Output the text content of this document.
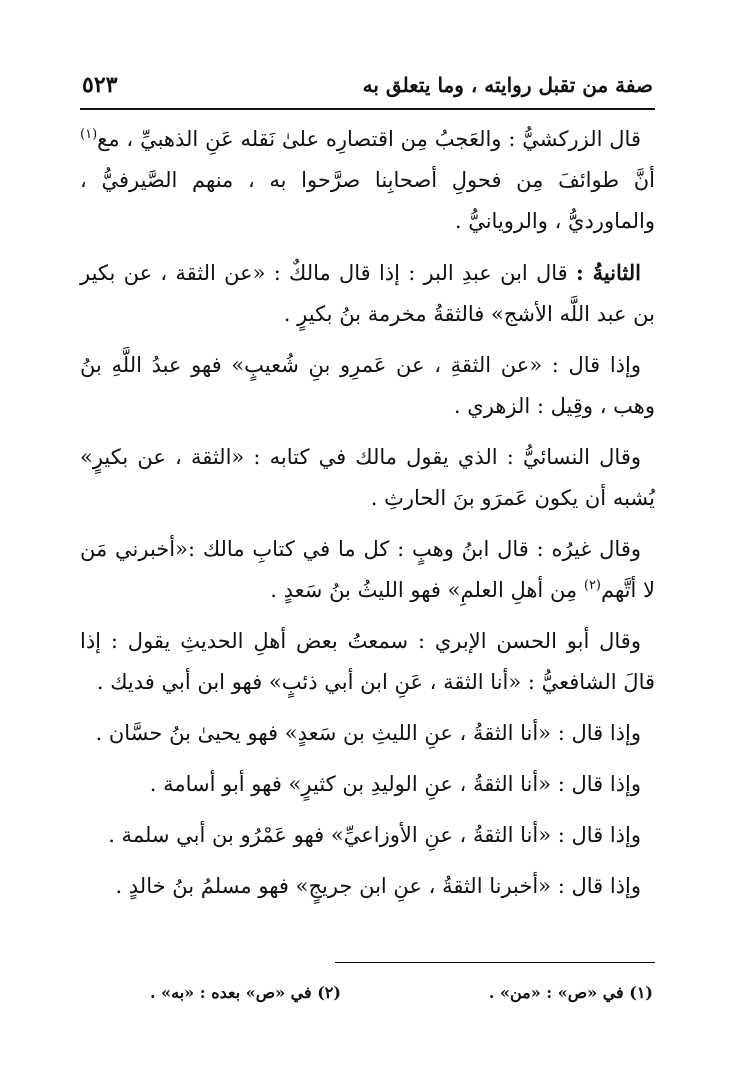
صفة من تقبل روايته ، وما يتعلق به
٥٢٣

قال الزركشيُّ : والعَجبُ مِن اقتصارِه علىٰ نَقله عَنِ الذهبيِّ ، مع$^{(١)}$ أنَّ طوائفَ مِن فحولِ أصحابِنا صرَّحوا به ، منهم الصَّيرفيُّ ، والماورديُّ ، والرويانيُّ .

الثانيةُ : قال ابن عبدِ البر : إذا قال مالكٌ : «عن الثقة ، عن بكير بن عبد اللَّه الأشج» فالثقةُ مخرمة بنُ بكيرٍ .

وإذا قال : «عن الثقةِ ، عن عَمرِو بنِ شُعيبٍ» فهو عبدُ اللَّهِ بنُ وهب ، وقِيل : الزهري .

وقال النسائيُّ : الذي يقول مالك في كتابه : «الثقة ، عن بكيرٍ» يُشبه أن يكون عَمرَو بنَ الحارثِ .

وقال غيرُه : قال ابنُ وهبٍ : كل ما في كتابِ مالك :«أخبرني مَن لا أتَّهم$^{(٢)}$ مِن أهلِ العلمِ» فهو الليثُ بنُ سَعدٍ .

وقال أبو الحسن الإبري : سمعتُ بعض أهلِ الحديثِ يقول : إذا قالَ الشافعيُّ : «أنا الثقة ، عَنِ ابن أبي ذئبٍ» فهو ابن أبي فديك .

وإذا قال : «أنا الثقةُ ، عنِ الليثِ بن سَعدٍ» فهو يحيىٰ بنُ حسَّان .

وإذا قال : «أنا الثقةُ ، عنِ الوليدِ بن كثيرٍ» فهو أبو أسامة .

وإذا قال : «أنا الثقةُ ، عنِ الأوزاعيِّ» فهو عَمْرُو بن أبي سلمة .

وإذا قال : «أخبرنا الثقةُ ، عنِ ابن جريجٍ» فهو مسلمُ بنُ خالدٍ .

(١) في «ص» : «من» .
(٢) في «ص» بعده : «به» .
